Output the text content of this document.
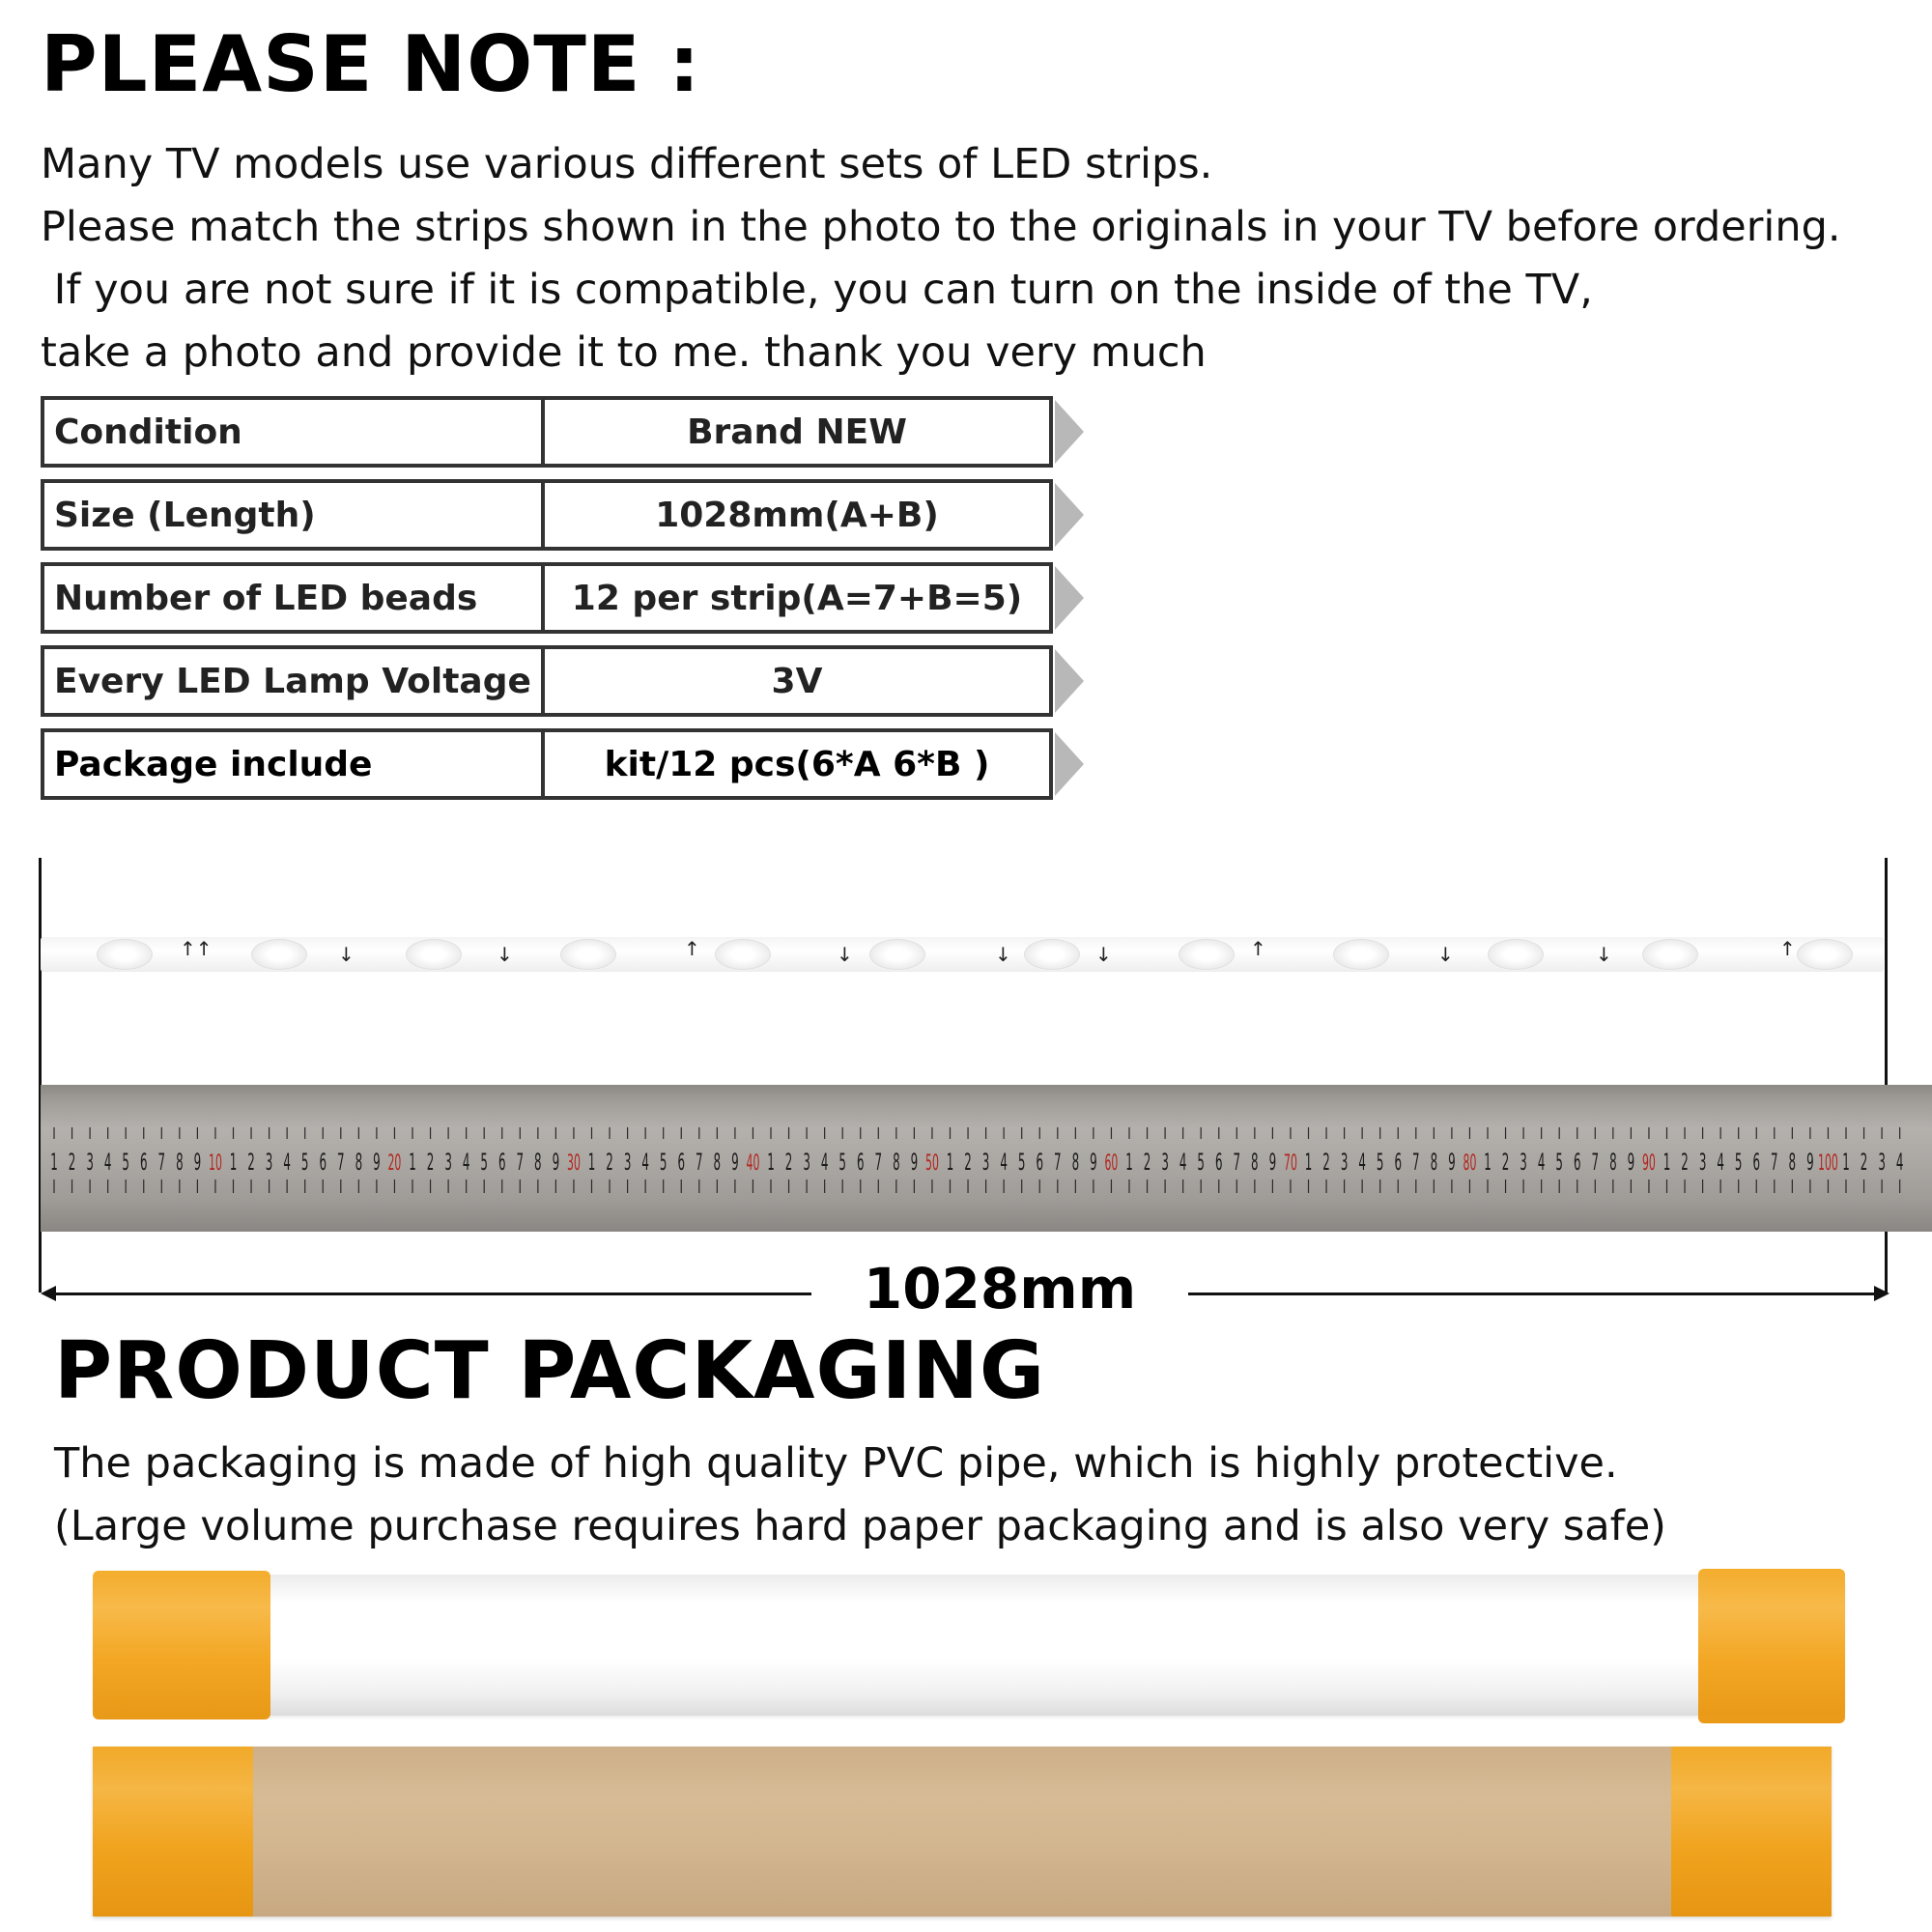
PLEASE NOTE :
Many TV models use various different sets of LED strips.
Please match the strips shown in the photo to the originals in your TV before ordering.
If you are not sure if it is compatible, you can turn on the inside of the TV,
take a photo and provide it to me. thank you very much
Condition	Brand NEW
Size (Length)	1028mm(A+B)
Number of LED beads	12 per strip(A=7+B=5)
Every LED Lamp Voltage	3V
Package include	kit/12 pcs(6*A 6*B )
↑↑	↓	↓	↑	↓	↓	↓	↑	↓	↓	↑
1 2 3 4 5 6 7 8 9 10 1 2 3 4 5 6 7 8 9 20 1 2 3 4 5 6 7 8 9 30 1 2 3 4 5 6 7 8 9 40 1 2 3 4 5 6 7 8 9 50 1 2 3 4 5 6 7 8 9 60 1 2 3 4 5 6 7 8 9 70 1 2 3 4 5 6 7 8 9 80 1 2 3 4 5 6 7 8 9 90 1 2 3 4 5 6 7 8 9 100 1 2 3 4
1028mm
PRODUCT PACKAGING
The packaging is made of high quality PVC pipe, which is highly protective.
(Large volume purchase requires hard paper packaging and is also very safe)
